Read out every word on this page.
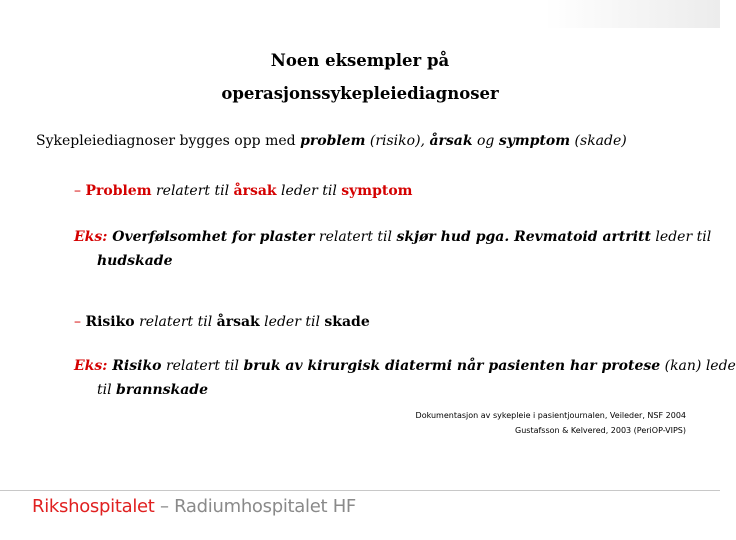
Noen eksempler på
operasjonssykepleiediagnoser
Sykepleiediagnoser bygges opp med problem (risiko), årsak og symptom (skade)
– Problem relatert til årsak leder til symptom
Eks: Overfølsomhet for plaster relatert til skjør hud pga. Revmatoid artritt leder til
hudskade
– Risiko relatert til årsak leder til skade
Eks: Risiko relatert til bruk av kirurgisk diatermi når pasienten har protese (kan) lede
til brannskade
Dokumentasjon av sykepleie i pasientjournalen, Veileder, NSF 2004
Gustafsson & Kelvered, 2003 (PeriOP-VIPS)
Rikshospitalet – Radiumhospitalet HF
